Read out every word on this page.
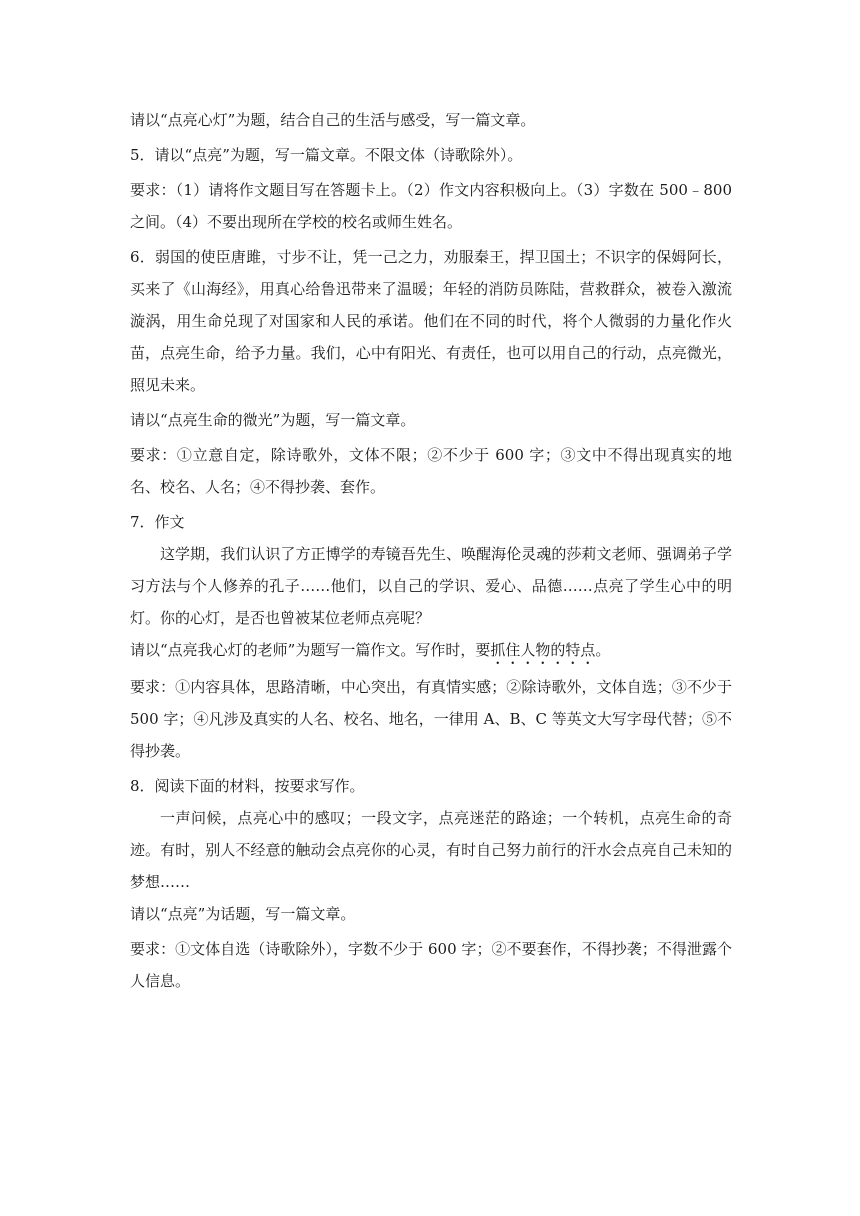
请以“点亮心灯”为题，结合自己的生活与感受，写一篇文章。

5．请以“点亮”为题，写一篇文章。不限文体（诗歌除外）。

要求：（1）请将作文题目写在答题卡上。（2）作文内容积极向上。（3）字数在 500﹣800 之间。（4）不要出现所在学校的校名或师生姓名。

6．弱国的使臣唐雎，寸步不让，凭一己之力，劝服秦王，捍卫国土；不识字的保姆阿长，买来了《山海经》，用真心给鲁迅带来了温暖；年轻的消防员陈陆，营救群众，被卷入激流漩涡，用生命兑现了对国家和人民的承诺。他们在不同的时代，将个人微弱的力量化作火苗，点亮生命，给予力量。我们，心中有阳光、有责任，也可以用自己的行动，点亮微光，照见未来。

请以“点亮生命的微光”为题，写一篇文章。

要求：①立意自定，除诗歌外，文体不限；②不少于 600 字；③文中不得出现真实的地名、校名、人名；④不得抄袭、套作。

7．作文

这学期，我们认识了方正博学的寿镜吾先生、唤醒海伦灵魂的莎莉文老师、强调弟子学习方法与个人修养的孔子……他们，以自己的学识、爱心、品德……点亮了学生心中的明灯。你的心灯，是否也曾被某位老师点亮呢？

请以“点亮我心灯的老师”为题写一篇作文。写作时，要抓住人物的特点。

要求：①内容具体，思路清晰，中心突出，有真情实感；②除诗歌外，文体自选；③不少于 500 字；④凡涉及真实的人名、校名、地名，一律用 A、B、C 等英文大写字母代替；⑤不得抄袭。

8．阅读下面的材料，按要求写作。

一声问候，点亮心中的感叹；一段文字，点亮迷茫的路途；一个转机，点亮生命的奇迹。有时，别人不经意的触动会点亮你的心灵，有时自己努力前行的汗水会点亮自己未知的梦想……

请以“点亮”为话题，写一篇文章。

要求：①文体自选（诗歌除外），字数不少于 600 字；②不要套作，不得抄袭；不得泄露个人信息。
